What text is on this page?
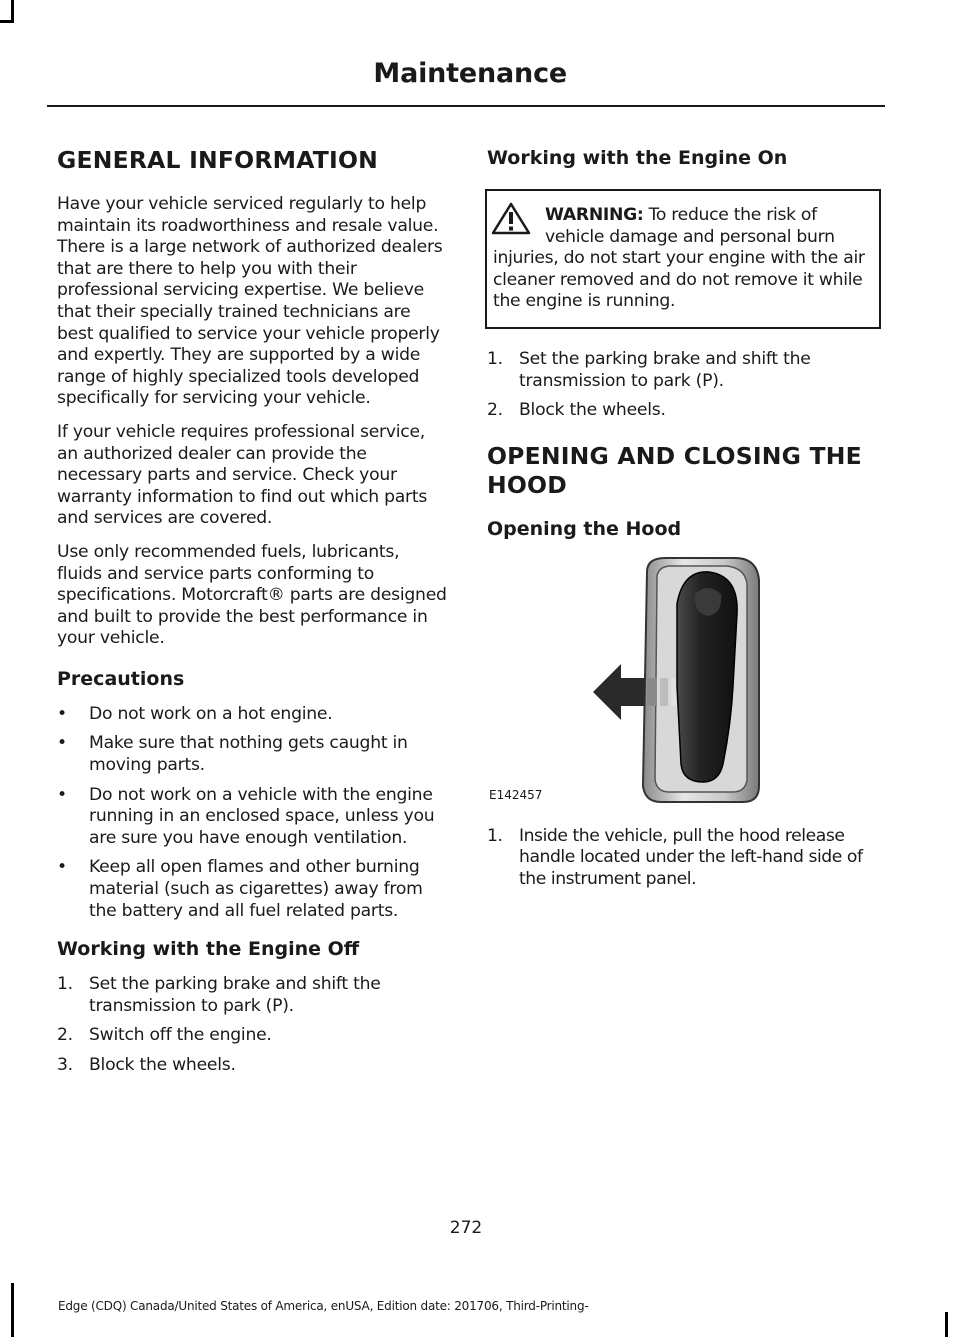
Maintenance
GENERAL INFORMATION

Have your vehicle serviced regularly to help maintain its roadworthiness and resale value. There is a large network of authorized dealers that are there to help you with their professional servicing expertise. We believe that their specially trained technicians are best qualified to service your vehicle properly and expertly. They are supported by a wide range of highly specialized tools developed specifically for servicing your vehicle.

If your vehicle requires professional service, an authorized dealer can provide the necessary parts and service. Check your warranty information to find out which parts and services are covered.

Use only recommended fuels, lubricants, fluids and service parts conforming to specifications. Motorcraft® parts are designed and built to provide the best performance in your vehicle.

Precautions
• Do not work on a hot engine.
• Make sure that nothing gets caught in moving parts.
• Do not work on a vehicle with the engine running in an enclosed space, unless you are sure you have enough ventilation.
• Keep all open flames and other burning material (such as cigarettes) away from the battery and all fuel related parts.
Working with the Engine Off
1. Set the parking brake and shift the transmission to park (P).
2. Switch off the engine.
3. Block the wheels.
Working with the Engine On
WARNING: To reduce the risk of vehicle damage and personal burn injuries, do not start your engine with the air cleaner removed and do not remove it while the engine is running.
1. Set the parking brake and shift the transmission to park (P).
2. Block the wheels.
OPENING AND CLOSING THE
HOOD
Opening the Hood
E142457
1. Inside the vehicle, pull the hood release handle located under the left-hand side of the instrument panel.
272
Edge (CDQ) Canada/United States of America, enUSA, Edition date: 201706, Third-Printing-
